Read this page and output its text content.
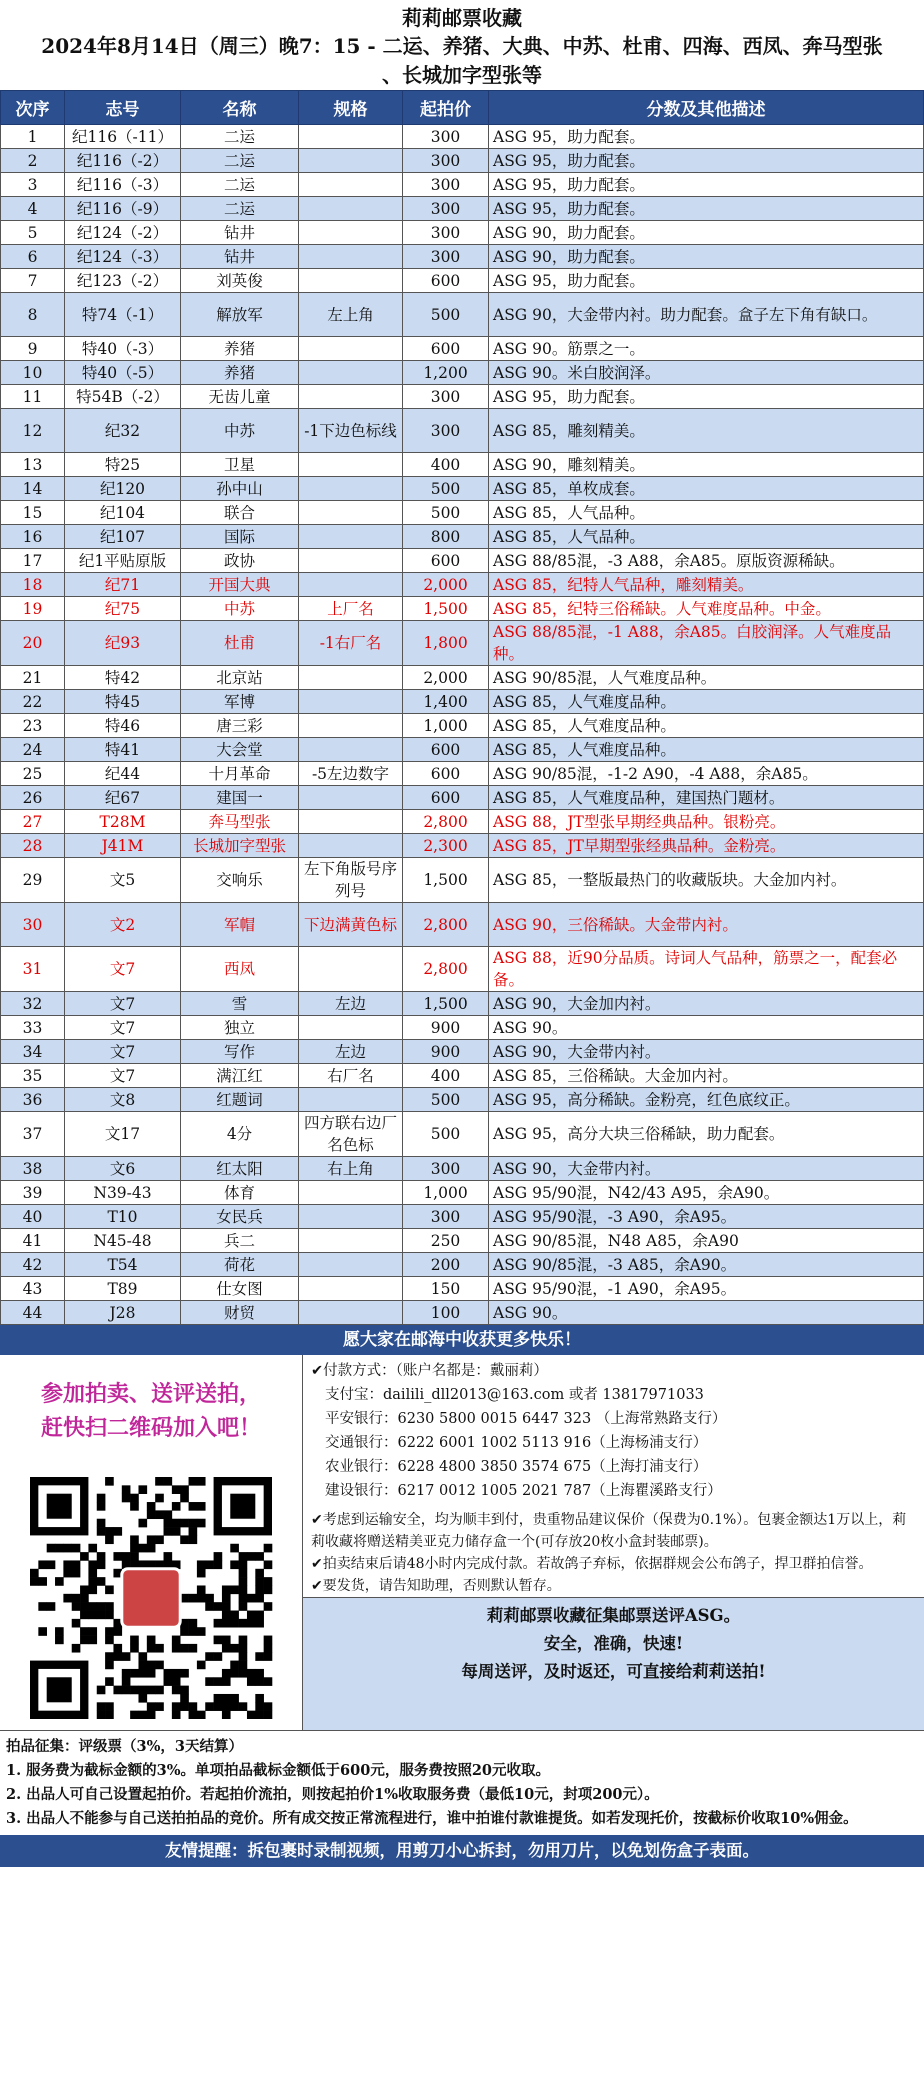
莉莉邮票收藏
2024年8月14日（周三）晚7：15 - 二运、养猪、大典、中苏、杜甫、四海、西凤、奔马型张
、长城加字型张等
次序	志号	名称	规格	起拍价	分数及其他描述
1	纪116（-11）	二运		300	ASG 95，助力配套。
2	纪116（-2）	二运		300	ASG 95，助力配套。
3	纪116（-3）	二运		300	ASG 95，助力配套。
4	纪116（-9）	二运		300	ASG 95，助力配套。
5	纪124（-2）	钻井		300	ASG 90，助力配套。
6	纪124（-3）	钻井		300	ASG 90，助力配套。
7	纪123（-2）	刘英俊		600	ASG 95，助力配套。
8	特74（-1）	解放军	左上角	500	ASG 90，大金带内衬。助力配套。盒子左下角有缺口。
9	特40（-3）	养猪		600	ASG 90。筋票之一。
10	特40（-5）	养猪		1,200	ASG 90。米白胶润泽。
11	特54B（-2）	无齿儿童		300	ASG 95，助力配套。
12	纪32	中苏	-1下边色标线	300	ASG 85，雕刻精美。
13	特25	卫星		400	ASG 90，雕刻精美。
14	纪120	孙中山		500	ASG 85，单枚成套。
15	纪104	联合		500	ASG 85，人气品种。
16	纪107	国际		800	ASG 85，人气品种。
17	纪1平贴原版	政协		600	ASG 88/85混，-3 A88，余A85。原版资源稀缺。
18	纪71	开国大典		2,000	ASG 85，纪特人气品种，雕刻精美。
19	纪75	中苏	上厂名	1,500	ASG 85，纪特三俗稀缺。人气难度品种。中金。
20	纪93	杜甫	-1右厂名	1,800	ASG 88/85混，-1 A88，余A85。白胶润泽。人气难度品种。
21	特42	北京站		2,000	ASG 90/85混，人气难度品种。
22	特45	军博		1,400	ASG 85，人气难度品种。
23	特46	唐三彩		1,000	ASG 85，人气难度品种。
24	特41	大会堂		600	ASG 85，人气难度品种。
25	纪44	十月革命	-5左边数字	600	ASG 90/85混，-1-2 A90，-4 A88，余A85。
26	纪67	建国一		600	ASG 85，人气难度品种，建国热门题材。
27	T28M	奔马型张		2,800	ASG 88，JT型张早期经典品种。银粉亮。
28	J41M	长城加字型张		2,300	ASG 85，JT早期型张经典品种。金粉亮。
29	文5	交响乐	左下角版号序列号	1,500	ASG 85，一整版最热门的收藏版块。大金加内衬。
30	文2	军帽	下边满黄色标	2,800	ASG 90，三俗稀缺。大金带内衬。
31	文7	西凤		2,800	ASG 88，近90分品质。诗词人气品种，筋票之一，配套必备。
32	文7	雪	左边	1,500	ASG 90，大金加内衬。
33	文7	独立		900	ASG 90。
34	文7	写作	左边	900	ASG 90，大金带内衬。
35	文7	满江红	右厂名	400	ASG 85，三俗稀缺。大金加内衬。
36	文8	红题词		500	ASG 95，高分稀缺。金粉亮，红色底纹正。
37	文17	4分	四方联右边厂名色标	500	ASG 95，高分大块三俗稀缺，助力配套。
38	文6	红太阳	右上角	300	ASG 90，大金带内衬。
39	N39-43	体育		1,000	ASG 95/90混，N42/43 A95，余A90。
40	T10	女民兵		300	ASG 95/90混，-3 A90，余A95。
41	N45-48	兵二		250	ASG 90/85混，N48 A85，余A90
42	T54	荷花		200	ASG 90/85混，-3 A85，余A90。
43	T89	仕女图		150	ASG 95/90混，-1 A90，余A95。
44	J28	财贸		100	ASG 90。
愿大家在邮海中收获更多快乐！
参加拍卖、送评送拍，
赶快扫二维码加入吧！
✔付款方式：（账户名都是：戴丽莉）
支付宝：dailili_dll2013@163.com 或者 13817971033
平安银行：6230 5800 0015 6447 323 （上海常熟路支行）
交通银行：6222 6001 1002 5113 916（上海杨浦支行）
农业银行：6228 4800 3850 3574 675（上海打浦支行）
建设银行：6217 0012 1005 2021 787（上海瞿溪路支行）
✔考虑到运输安全，均为顺丰到付，贵重物品建议保价（保费为0.1%）。包裹金额达1万以上，莉莉收藏将赠送精美亚克力储存盒一个(可存放20枚小盒封装邮票)。
✔拍卖结束后请48小时内完成付款。若故鸽子弃标，依据群规会公布鸽子，捍卫群拍信誉。
✔要发货，请告知助理，否则默认暂存。
莉莉邮票收藏征集邮票送评ASG。
安全，准确，快速!
每周送评，及时返还，可直接给莉莉送拍!
拍品征集：评级票（3%，3天结算）
1. 服务费为截标金额的3%。单项拍品截标金额低于600元，服务费按照20元收取。
2. 出品人可自己设置起拍价。若起拍价流拍，则按起拍价1%收取服务费（最低10元，封项200元）。
3. 出品人不能参与自己送拍拍品的竞价。所有成交按正常流程进行，谁中拍谁付款谁提货。如若发现托价，按截标价收取10%佣金。
友情提醒：拆包裹时录制视频，用剪刀小心拆封，勿用刀片，以免划伤盒子表面。
